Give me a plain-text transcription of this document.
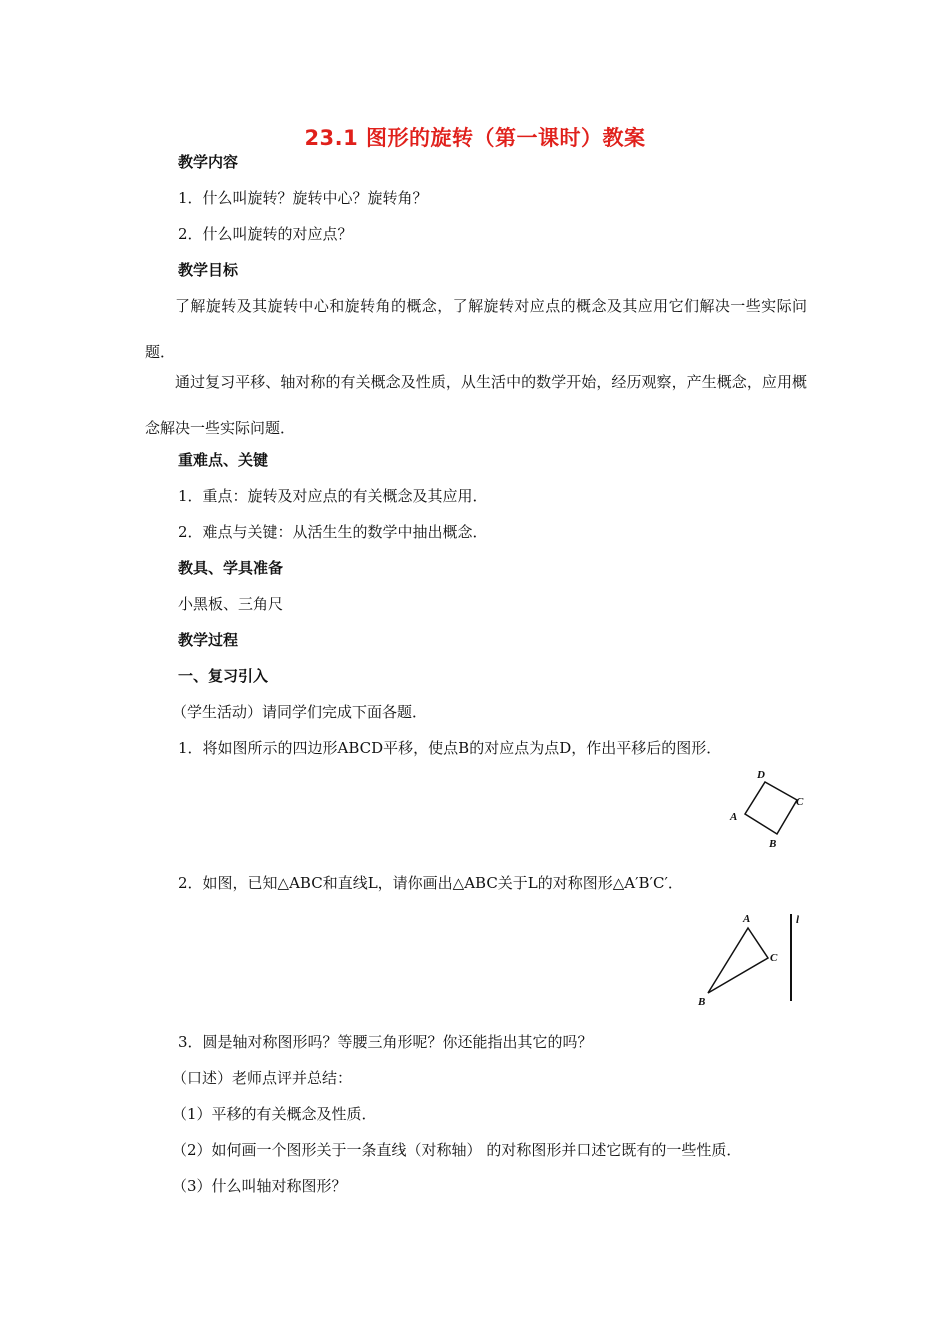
23.1 图形的旋转（第一课时）教案
教学内容
1．什么叫旋转？旋转中心？旋转角？
2．什么叫旋转的对应点？
教学目标
了解旋转及其旋转中心和旋转角的概念，了解旋转对应点的概念及其应用它们解决一些实际问题．
通过复习平移、轴对称的有关概念及性质，从生活中的数学开始，经历观察，产生概念，应用概念解决一些实际问题．
重难点、关键
1．重点：旋转及对应点的有关概念及其应用．
2．难点与关键：从活生生的数学中抽出概念．
教具、学具准备
小黑板、三角尺
教学过程
一、复习引入
（学生活动）请同学们完成下面各题．
1．将如图所示的四边形ABCD平移，使点B的对应点为点D，作出平移后的图形．
D
C
A
B
2．如图，已知△ABC和直线L，请你画出△ABC关于L的对称图形△A′B′C′．
A
C
B
l
3．圆是轴对称图形吗？等腰三角形呢？你还能指出其它的吗？
（口述）老师点评并总结：
（1）平移的有关概念及性质．
（2）如何画一个图形关于一条直线（对称轴） 的对称图形并口述它既有的一些性质．
（3）什么叫轴对称图形？
